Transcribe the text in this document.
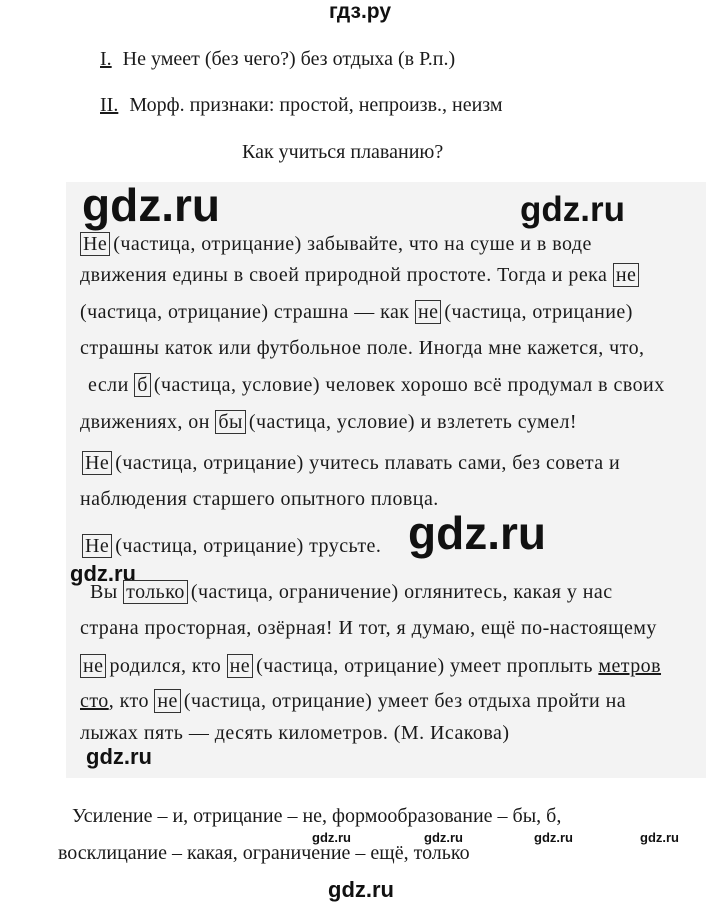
гдз.ру
I. Не умеет (без чего?) без отдыха (в Р.п.)
II. Морф. признаки: простой, непроизв., неизм
Как учиться плаванию?
gdz.ru	gdz.ru
Не (частица, отрицание) забывайте, что на суше и в воде
движения едины в своей природной простоте. Тогда и река не
(частица, отрицание) страшна — как не (частица, отрицание)
страшны каток или футбольное поле. Иногда мне кажется, что,
если б (частица, условие) человек хорошо всё продумал в своих
движениях, он бы (частица, условие) и взлететь сумел!
Не (частица, отрицание) учитесь плавать сами, без совета и
наблюдения старшего опытного пловца.
gdz.ru
Не (частица, отрицание) трусьте.
gdz.ru
Вы только (частица, ограничение) оглянитесь, какая у нас
страна просторная, озёрная! И тот, я думаю, ещё по-настоящему
не родился, кто не (частица, отрицание) умеет проплыть метров
сто, кто не (частица, отрицание) умеет без отдыха пройти на
лыжах пять — десять километров. (М. Исакова)
gdz.ru
Усиление – и, отрицание – не, формообразование – бы, б,
gdz.ru	gdz.ru	gdz.ru	gdz.ru
восклицание – какая, ограничение – ещё, только
gdz.ru
